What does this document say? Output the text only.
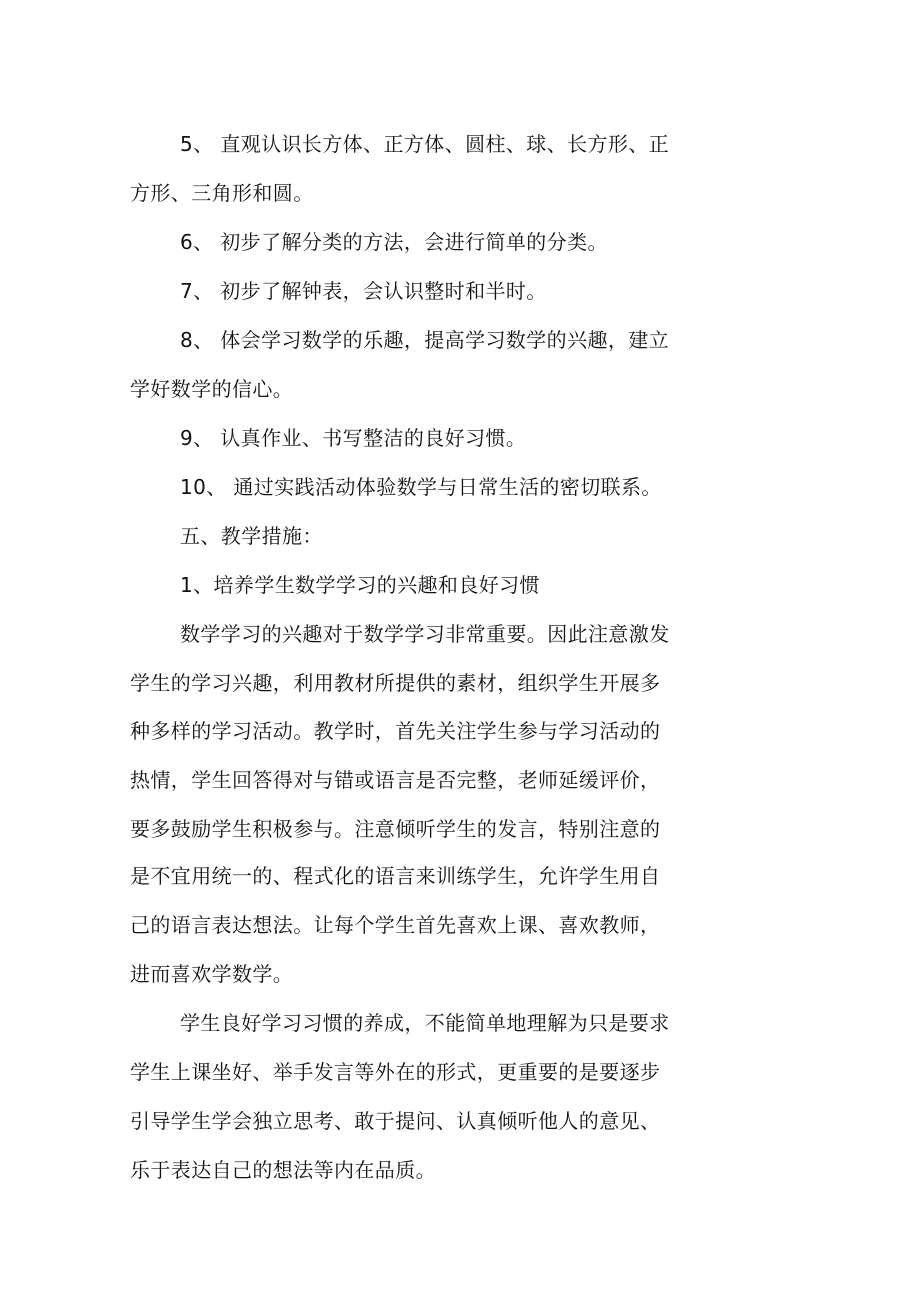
5、 直观认识长方体、正方体、圆柱、球、长方形、正
方形、三角形和圆。
6、 初步了解分类的方法，会进行简单的分类。
7、 初步了解钟表，会认识整时和半时。
8、 体会学习数学的乐趣，提高学习数学的兴趣，建立
学好数学的信心。
9、 认真作业、书写整洁的良好习惯。
10、 通过实践活动体验数学与日常生活的密切联系。
五、教学措施：
1、培养学生数学学习的兴趣和良好习惯
数学学习的兴趣对于数学学习非常重要。因此注意激发
学生的学习兴趣，利用教材所提供的素材，组织学生开展多
种多样的学习活动。教学时，首先关注学生参与学习活动的
热情，学生回答得对与错或语言是否完整，老师延缓评价，
要多鼓励学生积极参与。注意倾听学生的发言，特别注意的
是不宜用统一的、程式化的语言来训练学生，允许学生用自
己的语言表达想法。让每个学生首先喜欢上课、喜欢教师，
进而喜欢学数学。
学生良好学习习惯的养成，不能简单地理解为只是要求
学生上课坐好、举手发言等外在的形式，更重要的是要逐步
引导学生学会独立思考、敢于提问、认真倾听他人的意见、
乐于表达自己的想法等内在品质。
